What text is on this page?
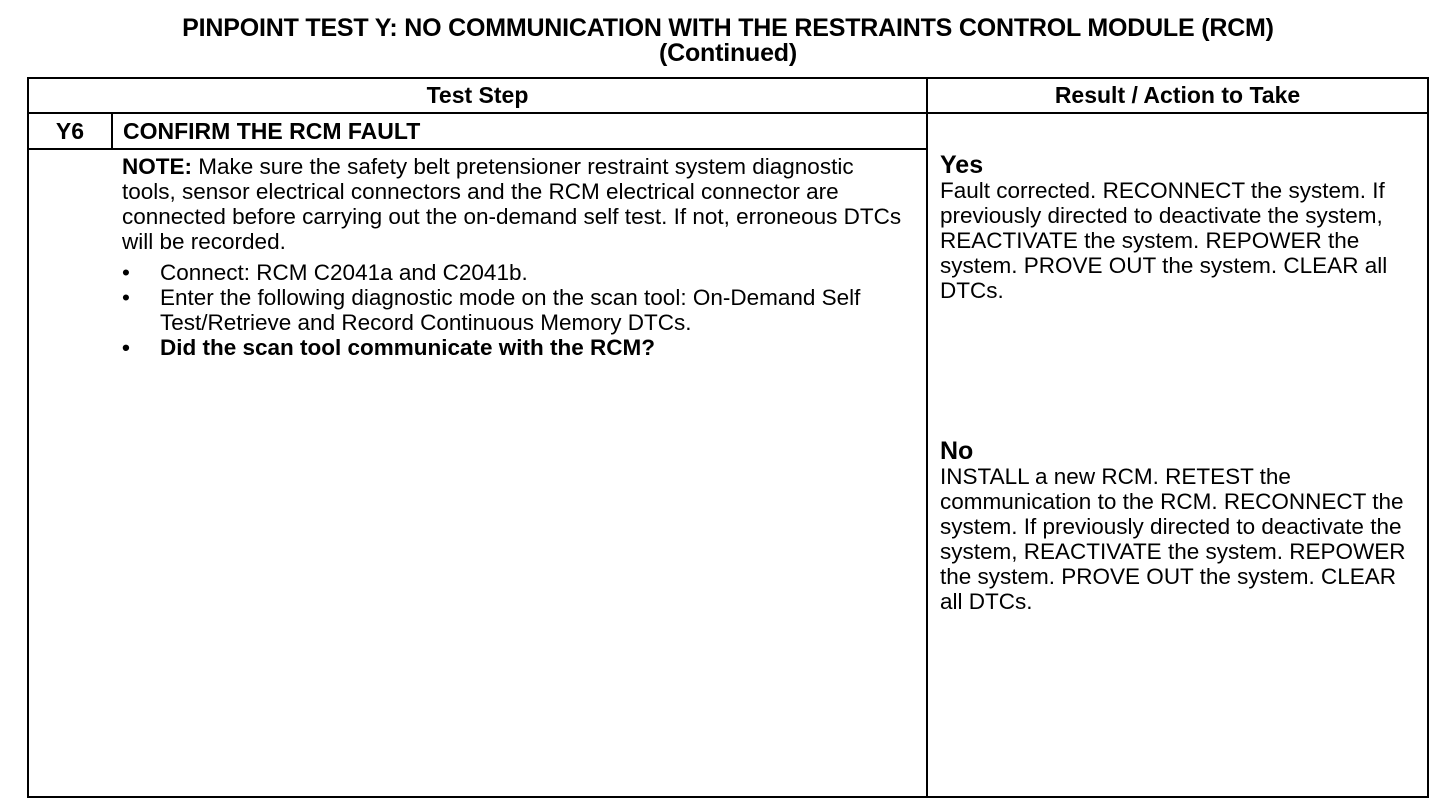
PINPOINT TEST Y: NO COMMUNICATION WITH THE RESTRAINTS CONTROL MODULE (RCM)
(Continued)
Test Step	Result / Action to Take
Y6	CONFIRM THE RCM FAULT

NOTE: Make sure the safety belt pretensioner restraint system diagnostic tools, sensor electrical connectors and the RCM electrical connector are connected before carrying out the on-demand self test. If not, erroneous DTCs will be recorded.

• Connect: RCM C2041a and C2041b.
• Enter the following diagnostic mode on the scan tool: On-Demand Self Test/Retrieve and Record Continuous Memory DTCs.
• Did the scan tool communicate with the RCM?
Yes
Fault corrected. RECONNECT the system. If previously directed to deactivate the system, REACTIVATE the system. REPOWER the system. PROVE OUT the system. CLEAR all DTCs.
No
INSTALL a new RCM. RETEST the communication to the RCM. RECONNECT the system. If previously directed to deactivate the system, REACTIVATE the system. REPOWER the system. PROVE OUT the system. CLEAR all DTCs.
